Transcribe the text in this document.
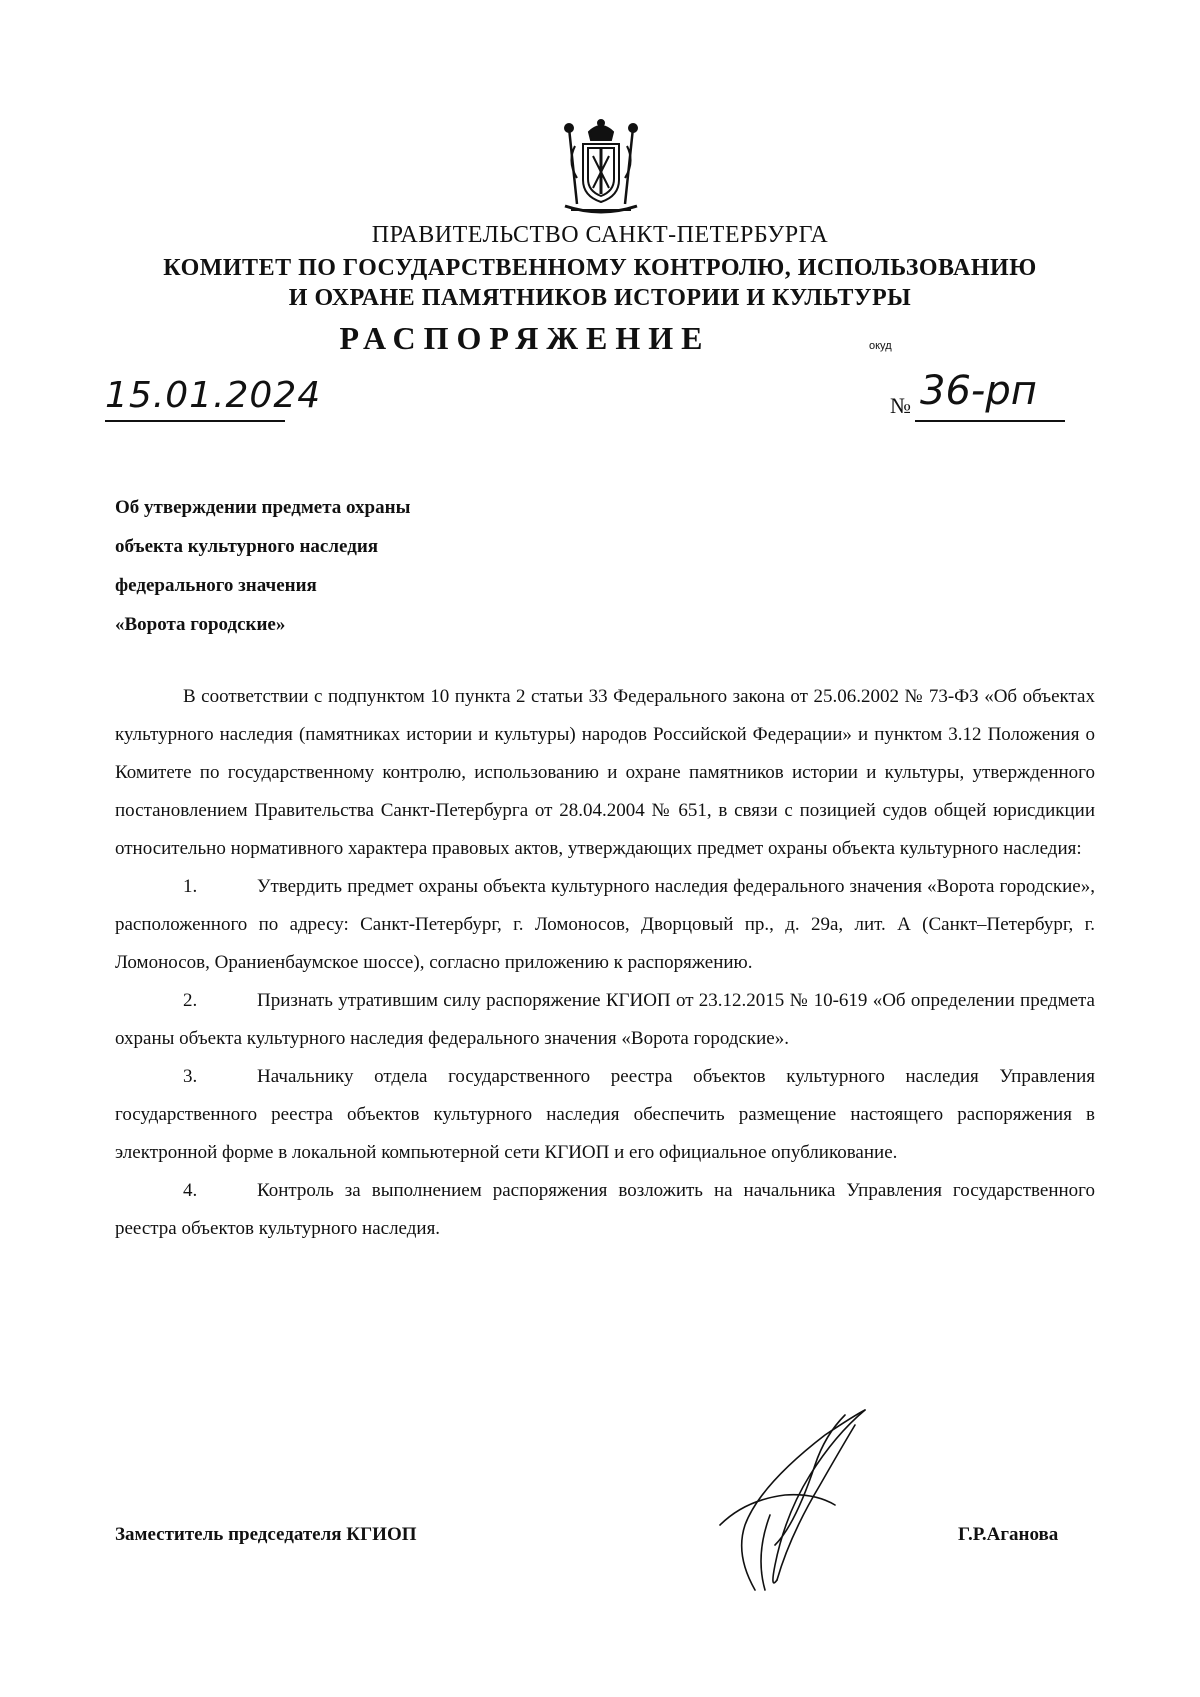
ПРАВИТЕЛЬСТВО САНКТ-ПЕТЕРБУРГА
КОМИТЕТ ПО ГОСУДАРСТВЕННОМУ КОНТРОЛЮ, ИСПОЛЬЗОВАНИЮ
И ОХРАНЕ ПАМЯТНИКОВ ИСТОРИИ И КУЛЬТУРЫ
РАСПОРЯЖЕНИЕ	окуд
15.01.2024	№ 36-рп
Об утверждении предмета охраны
объекта культурного наследия
федерального значения
«Ворота городские»

В соответствии с подпунктом 10 пункта 2 статьи 33 Федерального закона от 25.06.2002 № 73-ФЗ «Об объектах культурного наследия (памятниках истории и культуры) народов Российской Федерации» и пунктом 3.12 Положения о Комитете по государственному контролю, использованию и охране памятников истории и культуры, утвержденного постановлением Правительства Санкт-Петербурга от 28.04.2004 № 651, в связи с позицией судов общей юрисдикции относительно нормативного характера правовых актов, утверждающих предмет охраны объекта культурного наследия:

1.	Утвердить предмет охраны объекта культурного наследия федерального значения «Ворота городские», расположенного по адресу: Санкт-Петербург, г. Ломоносов, Дворцовый пр., д. 29а, лит. А (Санкт–Петербург, г. Ломоносов, Ораниенбаумское шоссе), согласно приложению к распоряжению.

2.	Признать утратившим силу распоряжение КГИОП от 23.12.2015 № 10-619 «Об определении предмета охраны объекта культурного наследия федерального значения «Ворота городские».

3.	Начальнику отдела государственного реестра объектов культурного наследия Управления государственного реестра объектов культурного наследия обеспечить размещение настоящего распоряжения в электронной форме в локальной компьютерной сети КГИОП и его официальное опубликование.

4.	Контроль за выполнением распоряжения возложить на начальника Управления государственного реестра объектов культурного наследия.

Заместитель председателя КГИОП	Г.Р.Аганова
